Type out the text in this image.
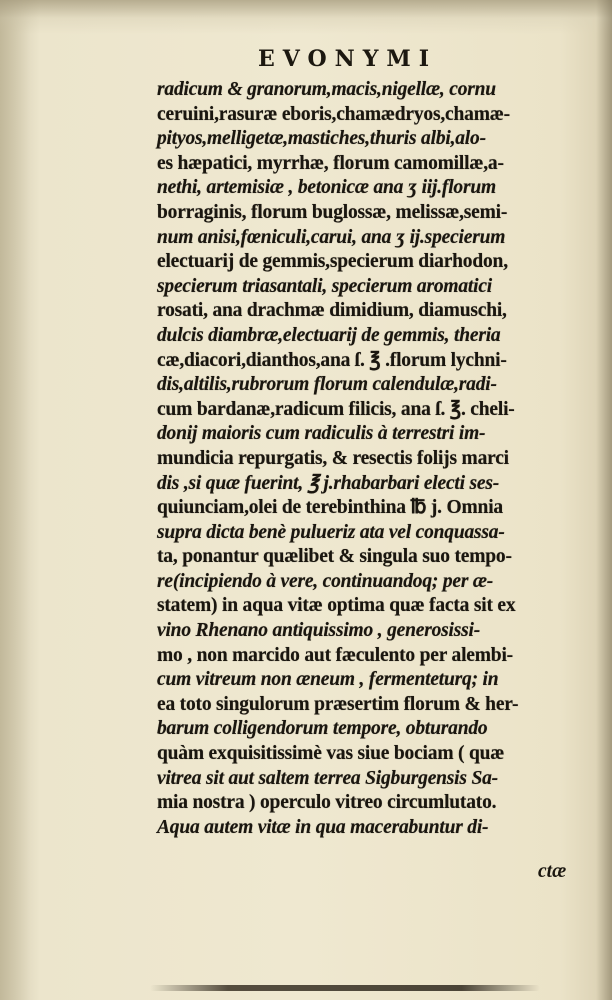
EVONYMI
radicum & granorum,macis,nigellæ, cornu
ceruini,rasuræ eboris,chamædryos,chamæ-
pityos,melligetæ,mastiches,thuris albi,alo-
es hæpatici, myrrhæ, florum camomillæ,a-
nethi, artemisiæ , betonicæ ana ʒ iij.florum
borraginis, florum buglossæ, melissæ,semi-
num anisi,fœniculi,carui, ana ʒ ij.specierum
electuarij de gemmis,specierum diarhodon,
specierum triasantali, specierum aromatici
rosati, ana drachmæ dimidium, diamuschi,
dulcis diambræ,electuarij de gemmis, theria
cæ,diacori,dianthos,ana ſ. ℥ .florum lychni-
dis,altilis,rubrorum florum calendulæ,radi-
cum bardanæ,radicum filicis, ana ſ. ℥. cheli-
donij maioris cum radiculis à terrestri im-
mundicia repurgatis, & resectis folijs marci
dis ,si quæ fuerint, ℥ j.rhabarbari electi ses-
quiunciam,olei de terebinthina ℔ j. Omnia
supra dicta benè pulueriz ata vel conquassa-
ta, ponantur quælibet & singula suo tempo-
re(incipiendo à vere, continuandoq; per æ-
statem) in aqua vitæ optima quæ facta sit ex
vino Rhenano antiquissimo , generosissi-
mo , non marcido aut fæculento per alembi-
cum vitreum non æneum , fermenteturq; in
ea toto singulorum præsertim florum & her-
barum colligendorum tempore, obturando
quàm exquisitissimè vas siue bociam ( quæ
vitrea sit aut saltem terrea Sigburgensis Sa-
mia nostra ) operculo vitreo circumlutato.
Aqua autem vitæ in qua macerabuntur di-
ctæ
